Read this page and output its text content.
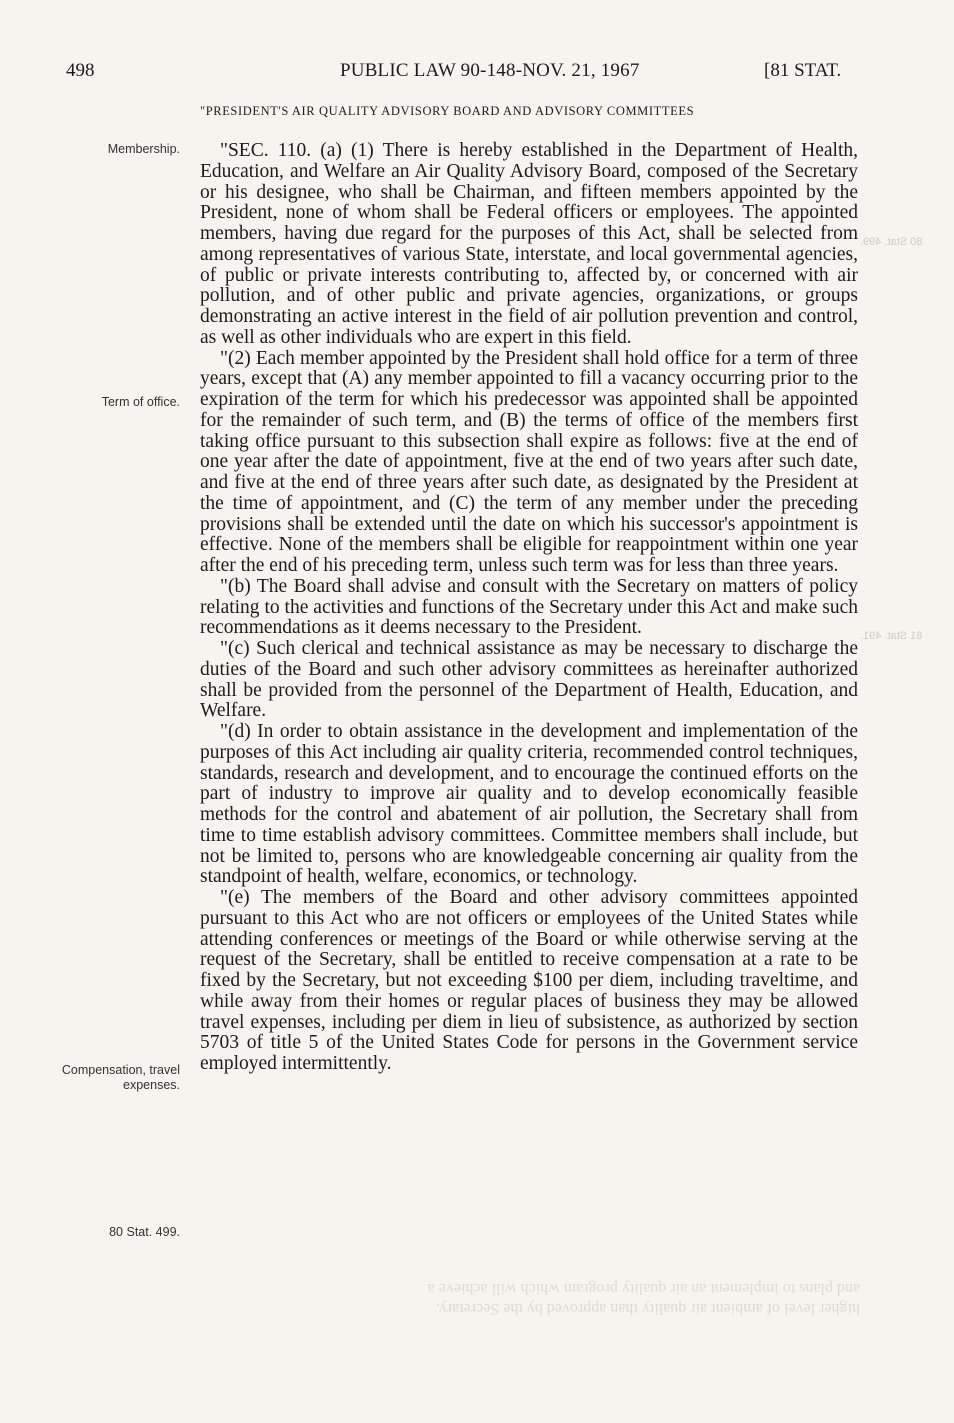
498	PUBLIC LAW 90-148-NOV. 21, 1967	[81 STAT.
"PRESIDENT'S AIR QUALITY ADVISORY BOARD AND ADVISORY COMMITTEES
Membership.
Term of office.
Compensation, travel expenses.
80 Stat. 499.

"SEC. 110. (a) (1) There is hereby established in the Department of Health, Education, and Welfare an Air Quality Advisory Board, composed of the Secretary or his designee, who shall be Chairman, and fifteen members appointed by the President, none of whom shall be Federal officers or employees. The appointed members, having due regard for the purposes of this Act, shall be selected from among representatives of various State, interstate, and local governmental agencies, of public or private interests contributing to, affected by, or concerned with air pollution, and of other public and private agencies, organizations, or groups demonstrating an active interest in the field of air pollution prevention and control, as well as other individuals who are expert in this field.

"(2) Each member appointed by the President shall hold office for a term of three years, except that (A) any member appointed to fill a vacancy occurring prior to the expiration of the term for which his predecessor was appointed shall be appointed for the remainder of such term, and (B) the terms of office of the members first taking office pursuant to this subsection shall expire as follows: five at the end of one year after the date of appointment, five at the end of two years after such date, and five at the end of three years after such date, as designated by the President at the time of appointment, and (C) the term of any member under the preceding provisions shall be extended until the date on which his successor's appointment is effective. None of the members shall be eligible for reappointment within one year after the end of his preceding term, unless such term was for less than three years.

"(b) The Board shall advise and consult with the Secretary on matters of policy relating to the activities and functions of the Secretary under this Act and make such recommendations as it deems necessary to the President.

"(c) Such clerical and technical assistance as may be necessary to discharge the duties of the Board and such other advisory committees as hereinafter authorized shall be provided from the personnel of the Department of Health, Education, and Welfare.

"(d) In order to obtain assistance in the development and implementation of the purposes of this Act including air quality criteria, recommended control techniques, standards, research and development, and to encourage the continued efforts on the part of industry to improve air quality and to develop economically feasible methods for the control and abatement of air pollution, the Secretary shall from time to time establish advisory committees. Committee members shall include, but not be limited to, persons who are knowledgeable concerning air quality from the standpoint of health, welfare, economics, or technology.

"(e) The members of the Board and other advisory committees appointed pursuant to this Act who are not officers or employees of the United States while attending conferences or meetings of the Board or while otherwise serving at the request of the Secretary, shall be entitled to receive compensation at a rate to be fixed by the Secretary, but not exceeding $100 per diem, including traveltime, and while away from their homes or regular places of business they may be allowed travel expenses, including per diem in lieu of subsistence, as authorized by section 5703 of title 5 of the United States Code for persons in the Government service employed intermittently.

higher level of ambient air quality than approved by the Secretary.
and plans to implement an air quality program which will achieve a
80 Stat. 499.
81 Stat. 491.
